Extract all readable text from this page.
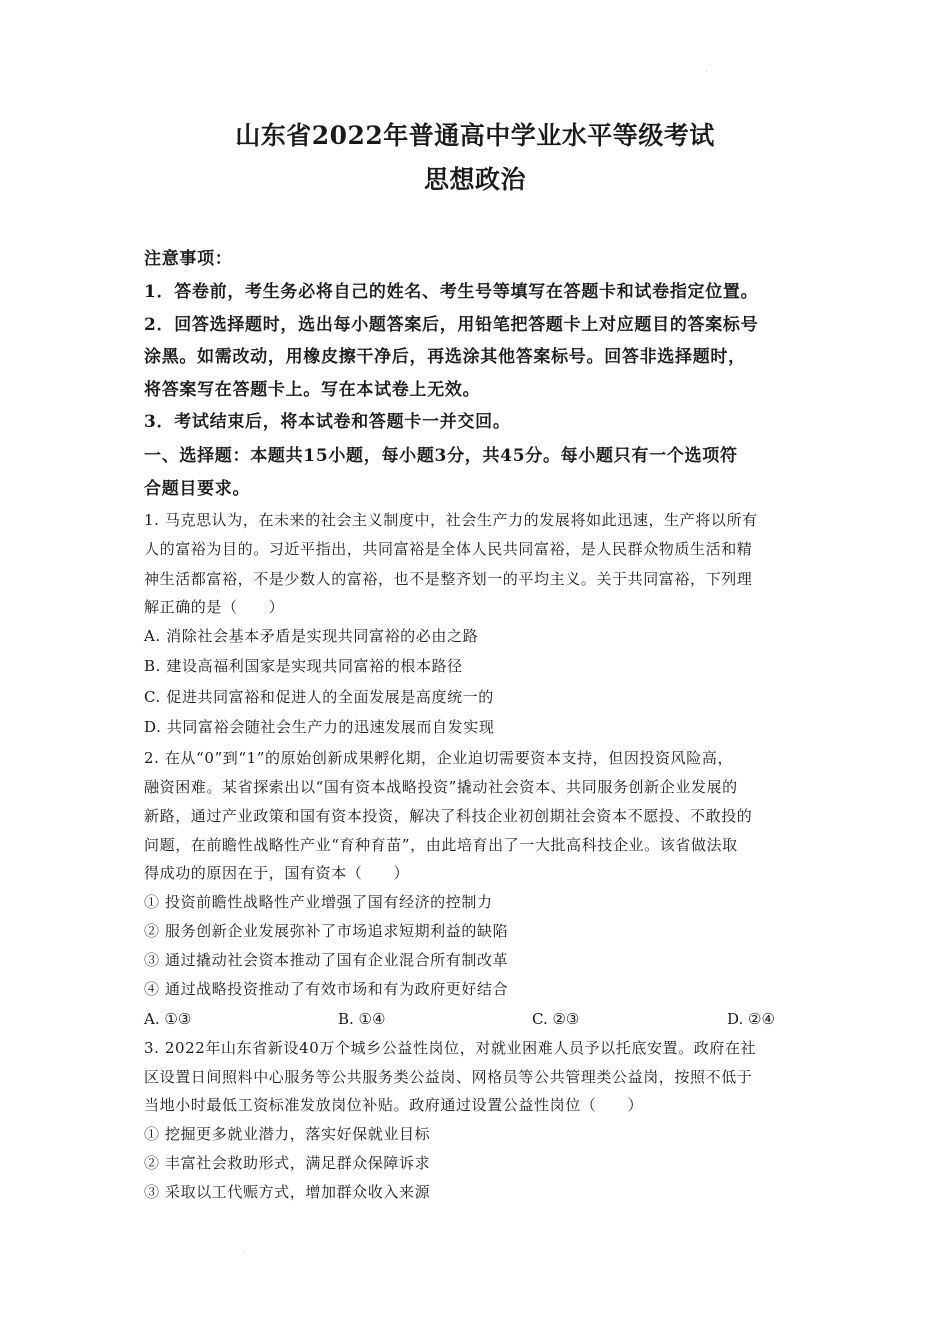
山东省2022年普通高中学业水平等级考试
思想政治
注意事项：
1．答卷前，考生务必将自己的姓名、考生号等填写在答题卡和试卷指定位置。
2．回答选择题时，选出每小题答案后，用铅笔把答题卡上对应题目的答案标号
涂黑。如需改动，用橡皮擦干净后，再选涂其他答案标号。回答非选择题时，
将答案写在答题卡上。写在本试卷上无效。
3．考试结束后，将本试卷和答题卡一并交回。
一、选择题：本题共15小题，每小题3分，共45分。每小题只有一个选项符
合题目要求。
1. 马克思认为，在未来的社会主义制度中，社会生产力的发展将如此迅速，生产将以所有
人的富裕为目的。习近平指出，共同富裕是全体人民共同富裕，是人民群众物质生活和精
神生活都富裕，不是少数人的富裕，也不是整齐划一的平均主义。关于共同富裕，下列理
解正确的是（　　）
A. 消除社会基本矛盾是实现共同富裕的必由之路
B. 建设高福利国家是实现共同富裕的根本路径
C. 促进共同富裕和促进人的全面发展是高度统一的
D. 共同富裕会随社会生产力的迅速发展而自发实现
2. 在从“0”到“1”的原始创新成果孵化期，企业迫切需要资本支持，但因投资风险高，
融资困难。某省探索出以“国有资本战略投资”撬动社会资本、共同服务创新企业发展的
新路，通过产业政策和国有资本投资，解决了科技企业初创期社会资本不愿投、不敢投的
问题，在前瞻性战略性产业“育种育苗”，由此培育出了一大批高科技企业。该省做法取
得成功的原因在于，国有资本（　　）
① 投资前瞻性战略性产业增强了国有经济的控制力
② 服务创新企业发展弥补了市场追求短期利益的缺陷
③ 通过撬动社会资本推动了国有企业混合所有制改革
④ 通过战略投资推动了有效市场和有为政府更好结合
A. ①③	B. ①④	C. ②③	D. ②④
3. 2022年山东省新设40万个城乡公益性岗位，对就业困难人员予以托底安置。政府在社
区设置日间照料中心服务等公共服务类公益岗、网格员等公共管理类公益岗，按照不低于
当地小时最低工资标准发放岗位补贴。政府通过设置公益性岗位（　　）
① 挖掘更多就业潜力，落实好保就业目标
② 丰富社会救助形式，满足群众保障诉求
③ 采取以工代赈方式，增加群众收入来源
